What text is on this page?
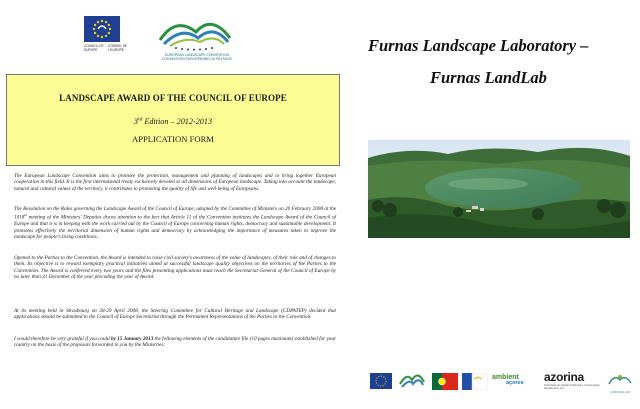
COUNCIL OF EUROPECONSEIL DE L'EUROPE
EUROPEAN LANDSCAPE CONVENTION
CONVENTION EUROPÉENNE DU PAYSAGE
LANDSCAPE AWARD OF THE COUNCIL OF EUROPE
3rd Edition – 2012-2013
APPLICATION FORM
The European Landscape Convention aims to promote the protection, management and planning of landscapes and to bring together European cooperation in this field. It is the first international treaty exclusively devoted to all dimensions of European landscape. Taking into account the landscape, natural and cultural values of the territory, it contributes to promoting the quality of life and well-being of Europeans.
The Resolution on the Rules governing the Landscape Award of the Council of Europe, adopted by the Committee of Ministers on 20 February 2008 at the 1018th meeting of the Ministers' Deputies draws attention to the fact that Article 11 of the Convention institutes the Landscape Award of the Council of Europe and that it is in keeping with the work carried out by the Council of Europe concerning human rights, democracy and sustainable development. It promotes effectively the territorial dimension of human rights and democracy by acknowledging the importance of measures taken to improve the landscape for people's living conditions.
Opened to the Parties to the Convention, the Award is intended to raise civil society's awareness of the value of landscapes, of their role and of changes to them. Its objective is to reward exemplary practical initiatives aimed at successful landscape quality objectives on the territories of the Parties to the Convention. The Award is conferred every two years and the files presenting applications must reach the Secretariat General of the Council of Europe by no later than 31 December of the year preceding the year of Award.
At its meeting held in Strasbourg on 28-29 April 2008, the Steering Committee for Cultural Heritage and Landscape (CDPATEP) decided that applications should be submitted to the Council of Europe Secretariat through the Permanent Representations of the Parties to the Convention.
I would therefore be very grateful if you could by 15 January 2013 the following elements of the candidature file (10 pages maximum) established for your country on the basis of the proposals forwarded to you by the Ministries:
Furnas Landscape Laboratory –
Furnas LandLab
ambient
açores azorina
Sociedade de Gestão Ambiental e Conservação da Natureza, S.A.
LANDSCAPE LAB
